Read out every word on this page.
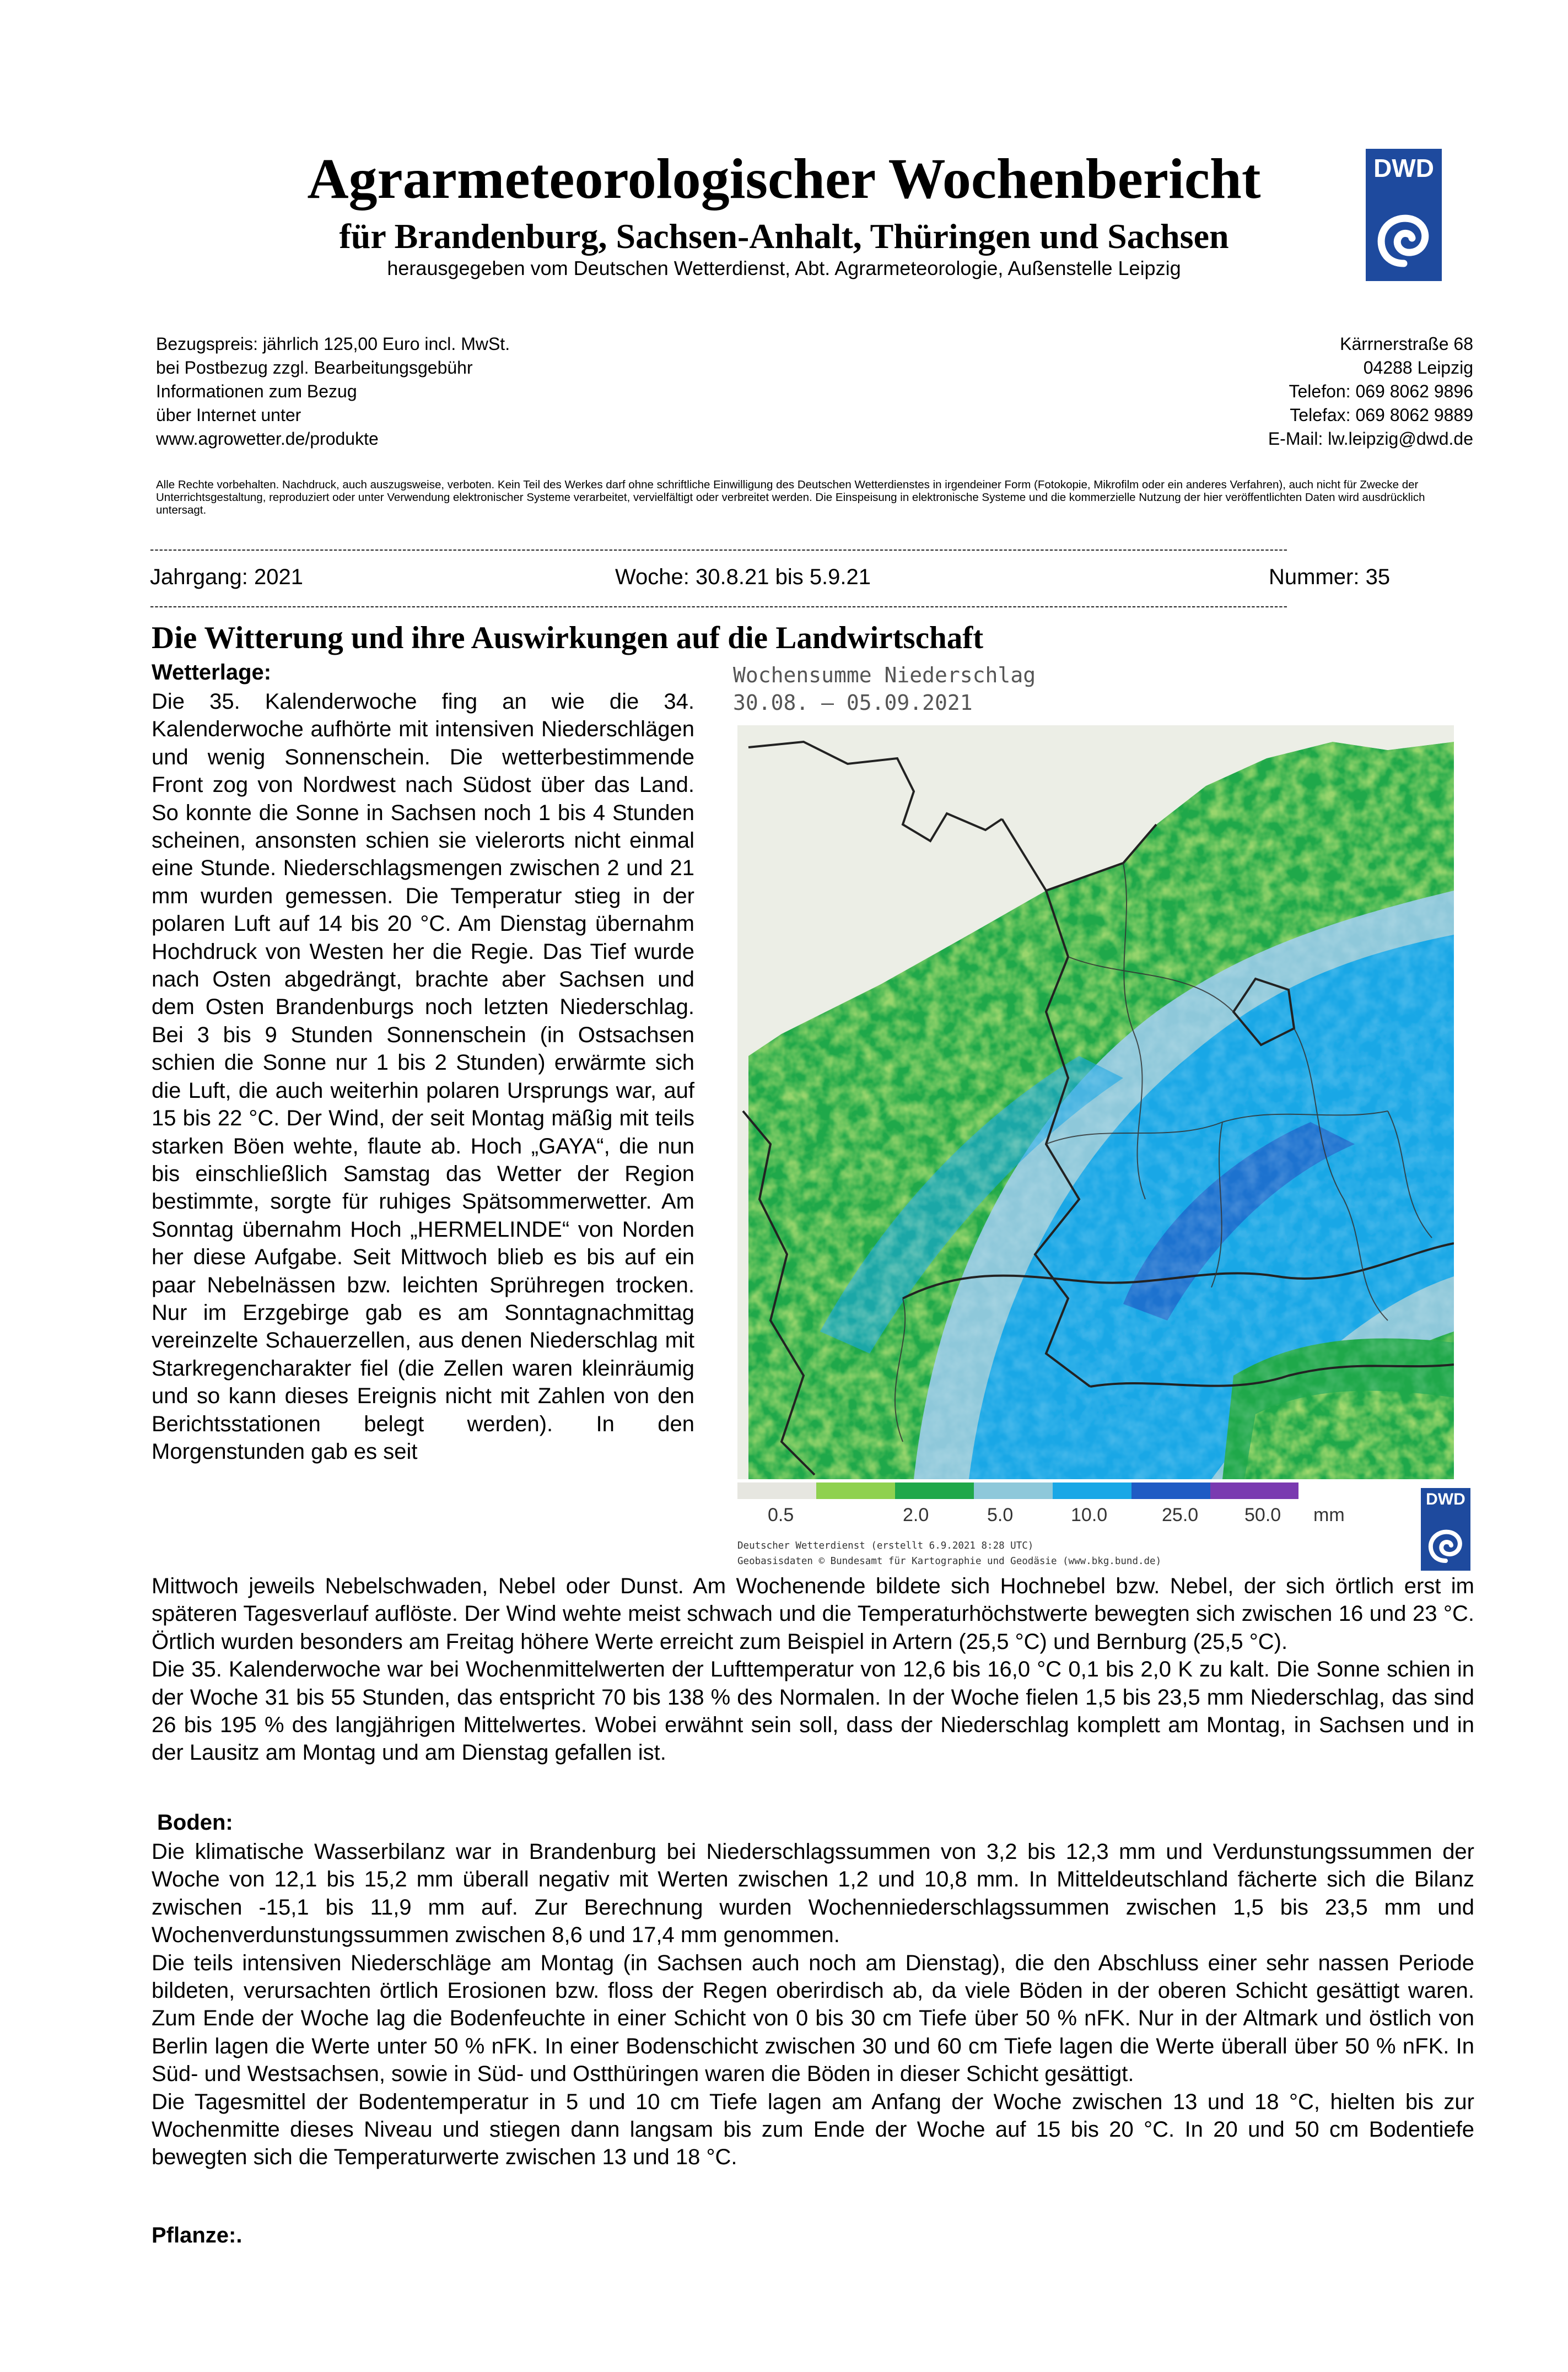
Agrarmeteorologischer Wochenbericht
für Brandenburg, Sachsen-Anhalt, Thüringen und Sachsen
herausgegeben vom Deutschen Wetterdienst, Abt. Agrarmeteorologie, Außenstelle Leipzig
DWD
Bezugspreis: jährlich 125,00 Euro incl. MwSt.
bei Postbezug zzgl. Bearbeitungsgebühr
Informationen zum Bezug
über Internet unter
www.agrowetter.de/produkte
Kärrnerstraße 68
04288 Leipzig
Telefon: 069 8062 9896
Telefax: 069 8062 9889
E-Mail: lw.leipzig@dwd.de
Alle Rechte vorbehalten. Nachdruck, auch auszugsweise, verboten. Kein Teil des Werkes darf ohne schriftliche Einwilligung des Deutschen Wetterdienstes in irgendeiner Form (Fotokopie, Mikrofilm oder ein anderes Verfahren), auch nicht für Zwecke der Unterrichtsgestaltung, reproduziert oder unter Verwendung elektronischer Systeme verarbeitet, vervielfältigt oder verbreitet werden. Die Einspeisung in elektronische Systeme und die kommerzielle Nutzung der hier veröffentlichten Daten wird ausdrücklich untersagt.
--------------------------------------------------------------------------------------------------------------------------------------------------------------------------------------------------------------------------------------------------------
Jahrgang: 2021	Woche: 30.8.21 bis 5.9.21	Nummer: 35
--------------------------------------------------------------------------------------------------------------------------------------------------------------------------------------------------------------------------------------------------------
Die Witterung und ihre Auswirkungen auf die Landwirtschaft
Wetterlage:
Die 35. Kalenderwoche fing an wie die 34. Kalenderwoche aufhörte mit intensiven Niederschlägen und wenig Sonnenschein. Die wetterbestimmende Front zog von Nordwest nach Südost über das Land. So konnte die Sonne in Sachsen noch 1 bis 4 Stunden scheinen, ansonsten schien sie vielerorts nicht einmal eine Stunde. Niederschlagsmengen zwischen 2 und 21 mm wurden gemessen. Die Temperatur stieg in der polaren Luft auf 14 bis 20 °C. Am Dienstag übernahm Hochdruck von Westen her die Regie. Das Tief wurde nach Osten abgedrängt, brachte aber Sachsen und dem Osten Brandenburgs noch letzten Niederschlag. Bei 3 bis 9 Stunden Sonnenschein (in Ostsachsen schien die Sonne nur 1 bis 2 Stunden) erwärmte sich die Luft, die auch weiterhin polaren Ursprungs war, auf 15 bis 22 °C. Der Wind, der seit Montag mäßig mit teils starken Böen wehte, flaute ab. Hoch „GAYA“, die nun bis einschließlich Samstag das Wetter der Region bestimmte, sorgte für ruhiges Spätsommerwetter. Am Sonntag übernahm Hoch „HERMELINDE“ von Norden her diese Aufgabe. Seit Mittwoch blieb es bis auf ein paar Nebelnässen bzw. leichten Sprühregen trocken. Nur im Erzgebirge gab es am Sonntagnachmittag vereinzelte Schauerzellen, aus denen Niederschlag mit Starkregencharakter fiel (die Zellen waren kleinräumig und so kann dieses Ereignis nicht mit Zahlen von den Berichtsstationen belegt werden). In den Morgenstunden gab es seit
Mittwoch jeweils Nebelschwaden, Nebel oder Dunst. Am Wochenende bildete sich Hochnebel bzw. Nebel, der sich örtlich erst im späteren Tagesverlauf auflöste. Der Wind wehte meist schwach und die Temperaturhöchstwerte bewegten sich zwischen 16 und 23 °C. Örtlich wurden besonders am Freitag höhere Werte erreicht zum Beispiel in Artern (25,5 °C) und Bernburg (25,5 °C).
Die 35. Kalenderwoche war bei Wochenmittelwerten der Lufttemperatur von 12,6 bis 16,0 °C 0,1 bis 2,0 K zu kalt. Die Sonne schien in der Woche 31 bis 55 Stunden, das entspricht 70 bis 138 % des Normalen. In der Woche fielen 1,5 bis 23,5 mm Niederschlag, das sind 26 bis 195 % des langjährigen Mittelwertes. Wobei erwähnt sein soll, dass der Niederschlag komplett am Montag, in Sachsen und in der Lausitz am Montag und am Dienstag gefallen ist.
Boden:

Die klimatische Wasserbilanz war in Brandenburg bei Niederschlagssummen von 3,2 bis 12,3 mm und Verdunstungssummen der Woche von 12,1 bis 15,2 mm überall negativ mit Werten zwischen 1,2 und 10,8 mm. In Mitteldeutschland fächerte sich die Bilanz zwischen -15,1 bis 11,9 mm auf. Zur Berechnung wurden Wochenniederschlagssummen zwischen 1,5 bis 23,5 mm und Wochenverdunstungssummen zwischen 8,6 und 17,4 mm genommen.

Die teils intensiven Niederschläge am Montag (in Sachsen auch noch am Dienstag), die den Abschluss einer sehr nassen Periode bildeten, verursachten örtlich Erosionen bzw. floss der Regen oberirdisch ab, da viele Böden in der oberen Schicht gesättigt waren. Zum Ende der Woche lag die Bodenfeuchte in einer Schicht von 0 bis 30 cm Tiefe über 50 % nFK. Nur in der Altmark und östlich von Berlin lagen die Werte unter 50 % nFK. In einer Bodenschicht zwischen 30 und 60 cm Tiefe lagen die Werte überall über 50 % nFK. In Süd- und Westsachsen, sowie in Süd- und Ostthüringen waren die Böden in dieser Schicht gesättigt.

Die Tagesmittel der Bodentemperatur in 5 und 10 cm Tiefe lagen am Anfang der Woche zwischen 13 und 18 °C, hielten bis zur Wochenmitte dieses Niveau und stiegen dann langsam bis zum Ende der Woche auf 15 bis 20 °C. In 20 und 50 cm Bodentiefe bewegten sich die Temperaturwerte zwischen 13 und 18 °C.

Pflanze:.
Wochensumme Niederschlag
30.08. – 05.09.2021
0.5	2.0	5.0	10.0	25.0 50.0 mm
DWD
Deutscher Wetterdienst (erstellt 6.9.2021 8:28 UTC)
Geobasisdaten © Bundesamt für Kartographie und Geodäsie (www.bkg.bund.de)
